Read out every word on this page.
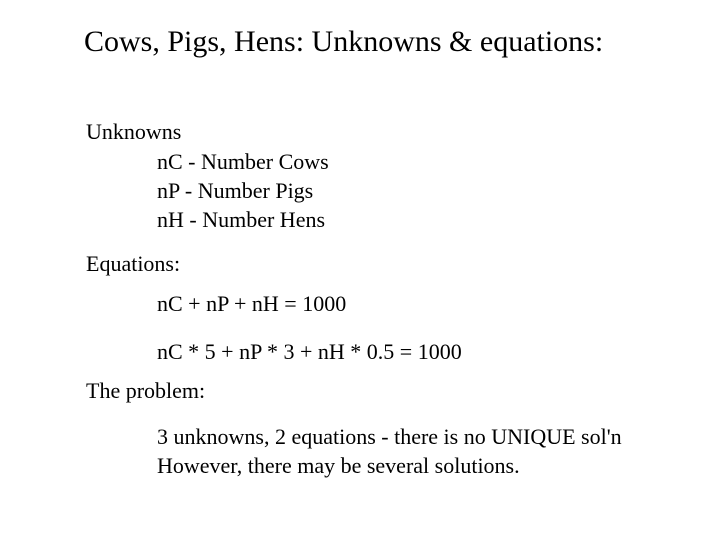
Cows, Pigs, Hens: Unknowns & equations:
Unknowns
nC - Number Cows
nP - Number Pigs
nH - Number Hens
Equations:
nC + nP + nH = 1000
nC * 5 + nP * 3 + nH * 0.5 = 1000
The problem:
3 unknowns, 2 equations - there is no UNIQUE sol'n
However, there may be several solutions.
